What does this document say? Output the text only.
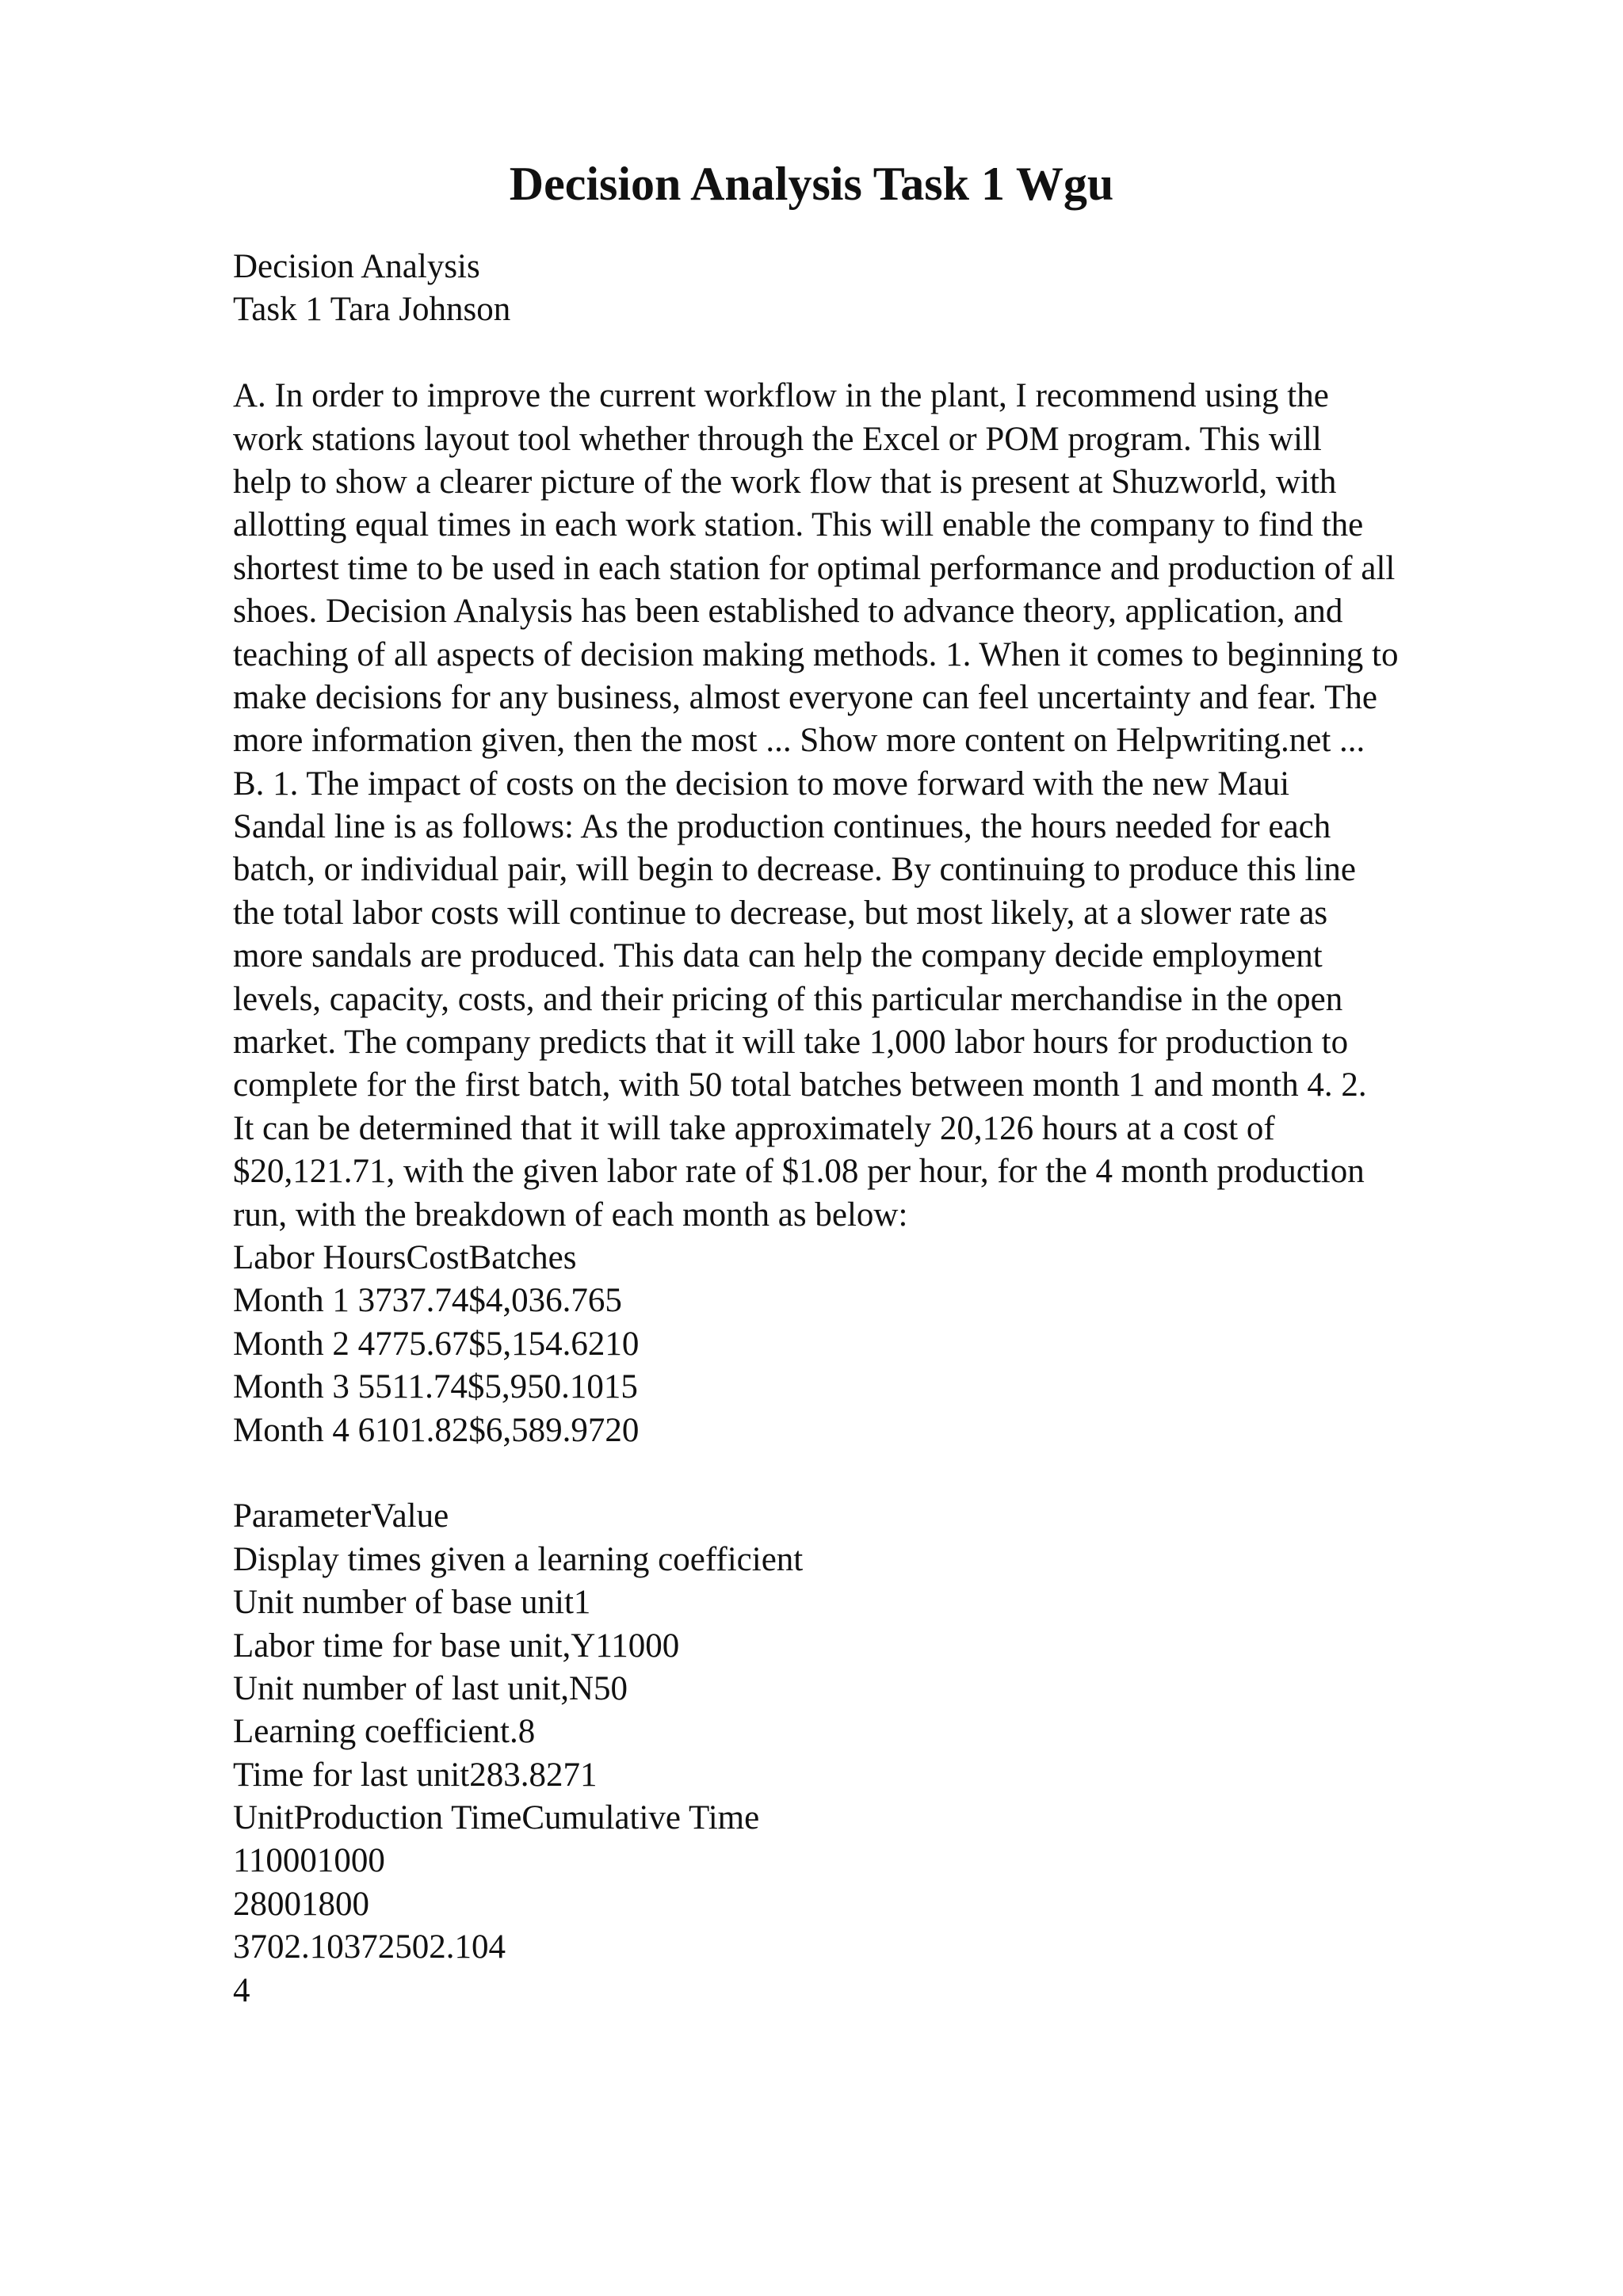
Decision Analysis Task 1 Wgu
Decision Analysis
Task 1 Tara Johnson
A. In order to improve the current workflow in the plant, I recommend using the
work stations layout tool whether through the Excel or POM program. This will
help to show a clearer picture of the work flow that is present at Shuzworld, with
allotting equal times in each work station. This will enable the company to find the
shortest time to be used in each station for optimal performance and production of all
shoes. Decision Analysis has been established to advance theory, application, and
teaching of all aspects of decision making methods. 1. When it comes to beginning to
make decisions for any business, almost everyone can feel uncertainty and fear. The
more information given, then the most ... Show more content on Helpwriting.net ...
B. 1. The impact of costs on the decision to move forward with the new Maui
Sandal line is as follows: As the production continues, the hours needed for each
batch, or individual pair, will begin to decrease. By continuing to produce this line
the total labor costs will continue to decrease, but most likely, at a slower rate as
more sandals are produced. This data can help the company decide employment
levels, capacity, costs, and their pricing of this particular merchandise in the open
market. The company predicts that it will take 1,000 labor hours for production to
complete for the first batch, with 50 total batches between month 1 and month 4. 2.
It can be determined that it will take approximately 20,126 hours at a cost of
$20,121.71, with the given labor rate of $1.08 per hour, for the 4 month production
run, with the breakdown of each month as below:
Labor HoursCostBatches
Month 1 3737.74$4,036.765
Month 2 4775.67$5,154.6210
Month 3 5511.74$5,950.1015
Month 4 6101.82$6,589.9720
ParameterValue
Display times given a learning coefficient
Unit number of base unit1
Labor time for base unit,Y11000
Unit number of last unit,N50
Learning coefficient.8
Time for last unit283.8271
UnitProduction TimeCumulative Time
110001000
28001800
3702.10372502.104
4
